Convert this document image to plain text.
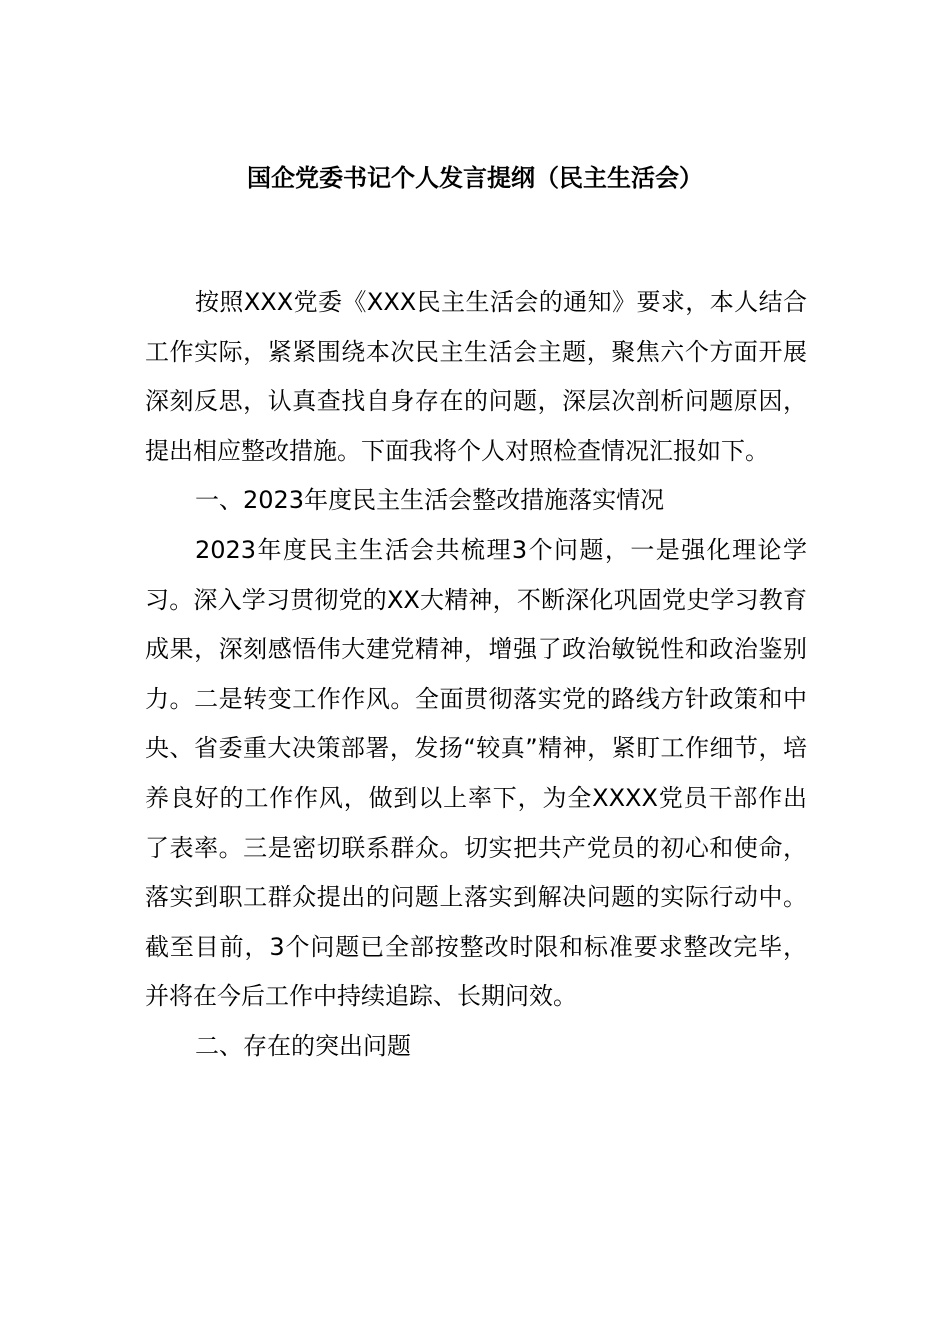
国企党委书记个人发言提纲（民主生活会）

按照XXX党委《XXX民主生活会的通知》要求，本人结合工作实际，紧紧围绕本次民主生活会主题，聚焦六个方面开展深刻反思，认真查找自身存在的问题，深层次剖析问题原因，提出相应整改措施。下面我将个人对照检查情况汇报如下。

一、2023年度民主生活会整改措施落实情况

2023年度民主生活会共梳理3个问题，一是强化理论学习。深入学习贯彻党的XX大精神，不断深化巩固党史学习教育成果，深刻感悟伟大建党精神，增强了政治敏锐性和政治鉴别力。二是转变工作作风。全面贯彻落实党的路线方针政策和中央、省委重大决策部署，发扬“较真”精神，紧盯工作细节，培养良好的工作作风，做到以上率下，为全XXXX党员干部作出了表率。三是密切联系群众。切实把共产党员的初心和使命，落实到职工群众提出的问题上落实到解决问题的实际行动中。截至目前，3个问题已全部按整改时限和标准要求整改完毕，并将在今后工作中持续追踪、长期问效。

二、存在的突出问题
